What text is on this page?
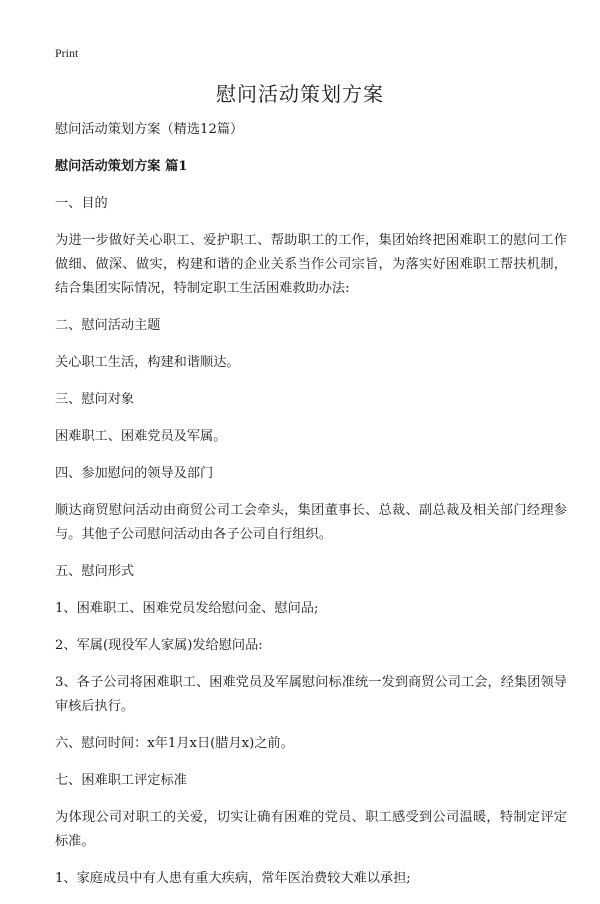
Print
慰问活动策划方案

慰问活动策划方案（精选12篇）

慰问活动策划方案 篇1

一、目的

为进一步做好关心职工、爱护职工、帮助职工的工作，集团始终把困难职工的慰问工作做细、做深、做实，构建和谐的企业关系当作公司宗旨，为落实好困难职工帮扶机制，结合集团实际情况，特制定职工生活困难救助办法:

二、慰问活动主题

关心职工生活，构建和谐顺达。

三、慰问对象

困难职工、困难党员及军属。

四、参加慰问的领导及部门

顺达商贸慰问活动由商贸公司工会牵头，集团董事长、总裁、副总裁及相关部门经理参与。其他子公司慰问活动由各子公司自行组织。

五、慰问形式

1、困难职工、困难党员发给慰问金、慰问品;

2、军属(现役军人家属)发给慰问品:

3、各子公司将困难职工、困难党员及军属慰问标准统一发到商贸公司工会，经集团领导审核后执行。

六、慰问时间：x年1月x日(腊月x)之前。

七、困难职工评定标准

为体现公司对职工的关爱，切实让确有困难的党员、职工感受到公司温暖，特制定评定标准。

1、家庭成员中有人患有重大疾病，常年医治费较大难以承担;
